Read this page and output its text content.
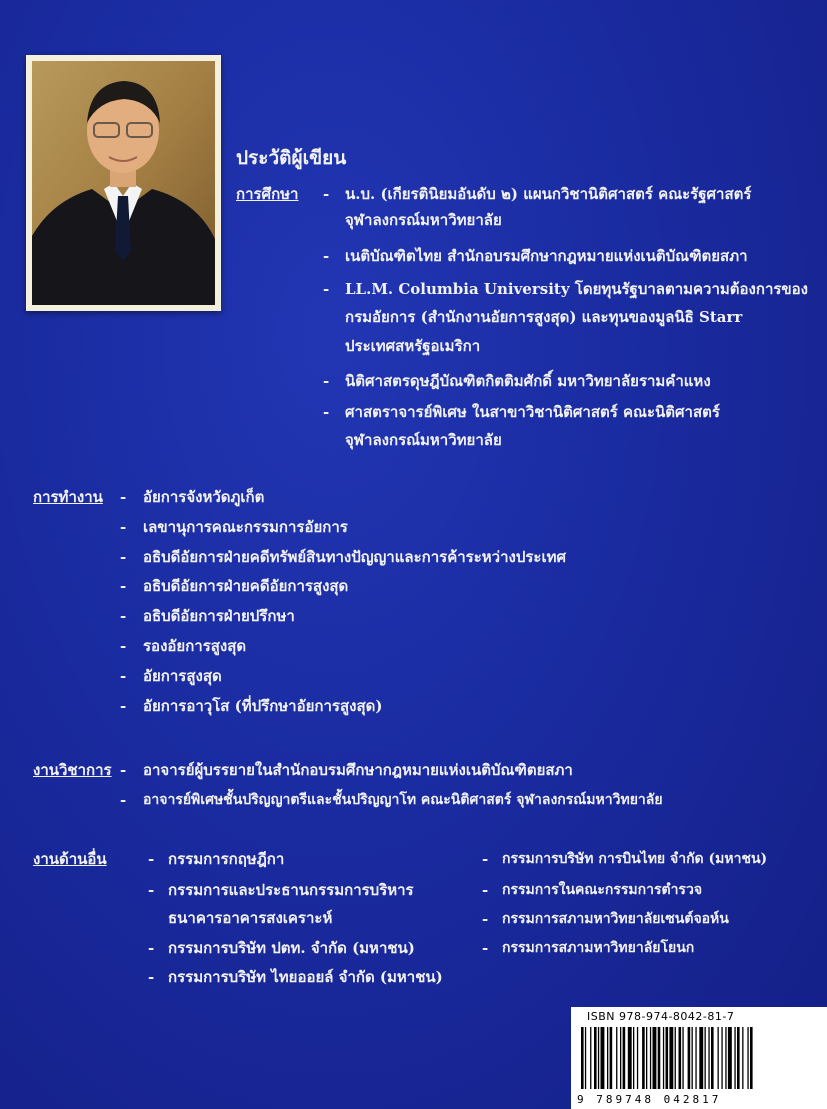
ประวัติผู้เขียน
การศึกษา - น.บ. (เกียรตินิยมอันดับ ๒) แผนกวิชานิติศาสตร์ คณะรัฐศาสตร์
จุฬาลงกรณ์มหาวิทยาลัย
- เนติบัณฑิตไทย สำนักอบรมศึกษากฎหมายแห่งเนติบัณฑิตยสภา
- LL.M. Columbia University โดยทุนรัฐบาลตามความต้องการของ
กรมอัยการ (สำนักงานอัยการสูงสุด) และทุนของมูลนิธิ Starr
ประเทศสหรัฐอเมริกา
- นิติศาสตรดุษฎีบัณฑิตกิตติมศักดิ์ มหาวิทยาลัยรามคำแหง
- ศาสตราจารย์พิเศษ ในสาขาวิชานิติศาสตร์ คณะนิติศาสตร์
จุฬาลงกรณ์มหาวิทยาลัย
การทำงาน - อัยการจังหวัดภูเก็ต
- เลขานุการคณะกรรมการอัยการ
- อธิบดีอัยการฝ่ายคดีทรัพย์สินทางปัญญาและการค้าระหว่างประเทศ
- อธิบดีอัยการฝ่ายคดีอัยการสูงสุด
- อธิบดีอัยการฝ่ายปรึกษา
- รองอัยการสูงสุด
- อัยการสูงสุด
- อัยการอาวุโส (ที่ปรึกษาอัยการสูงสุด)
งานวิชาการ - อาจารย์ผู้บรรยายในสำนักอบรมศึกษากฎหมายแห่งเนติบัณฑิตยสภา
- อาจารย์พิเศษชั้นปริญญาตรีและชั้นปริญญาโท คณะนิติศาสตร์ จุฬาลงกรณ์มหาวิทยาลัย
งานด้านอื่น	- กรรมการกฤษฎีกา
- กรรมการและประธานกรรมการบริหาร
ธนาคารอาคารสงเคราะห์
- กรรมการบริษัท ปตท. จำกัด (มหาชน)
- กรรมการบริษัท ไทยออยล์ จำกัด (มหาชน)
- กรรมการบริษัท การบินไทย จำกัด (มหาชน)
- กรรมการในคณะกรรมการตำรวจ
- กรรมการสภามหาวิทยาลัยเซนต์จอห์น
- กรรมการสภามหาวิทยาลัยโยนก
ISBN 978-974-8042-81-7
9 789748 042817
